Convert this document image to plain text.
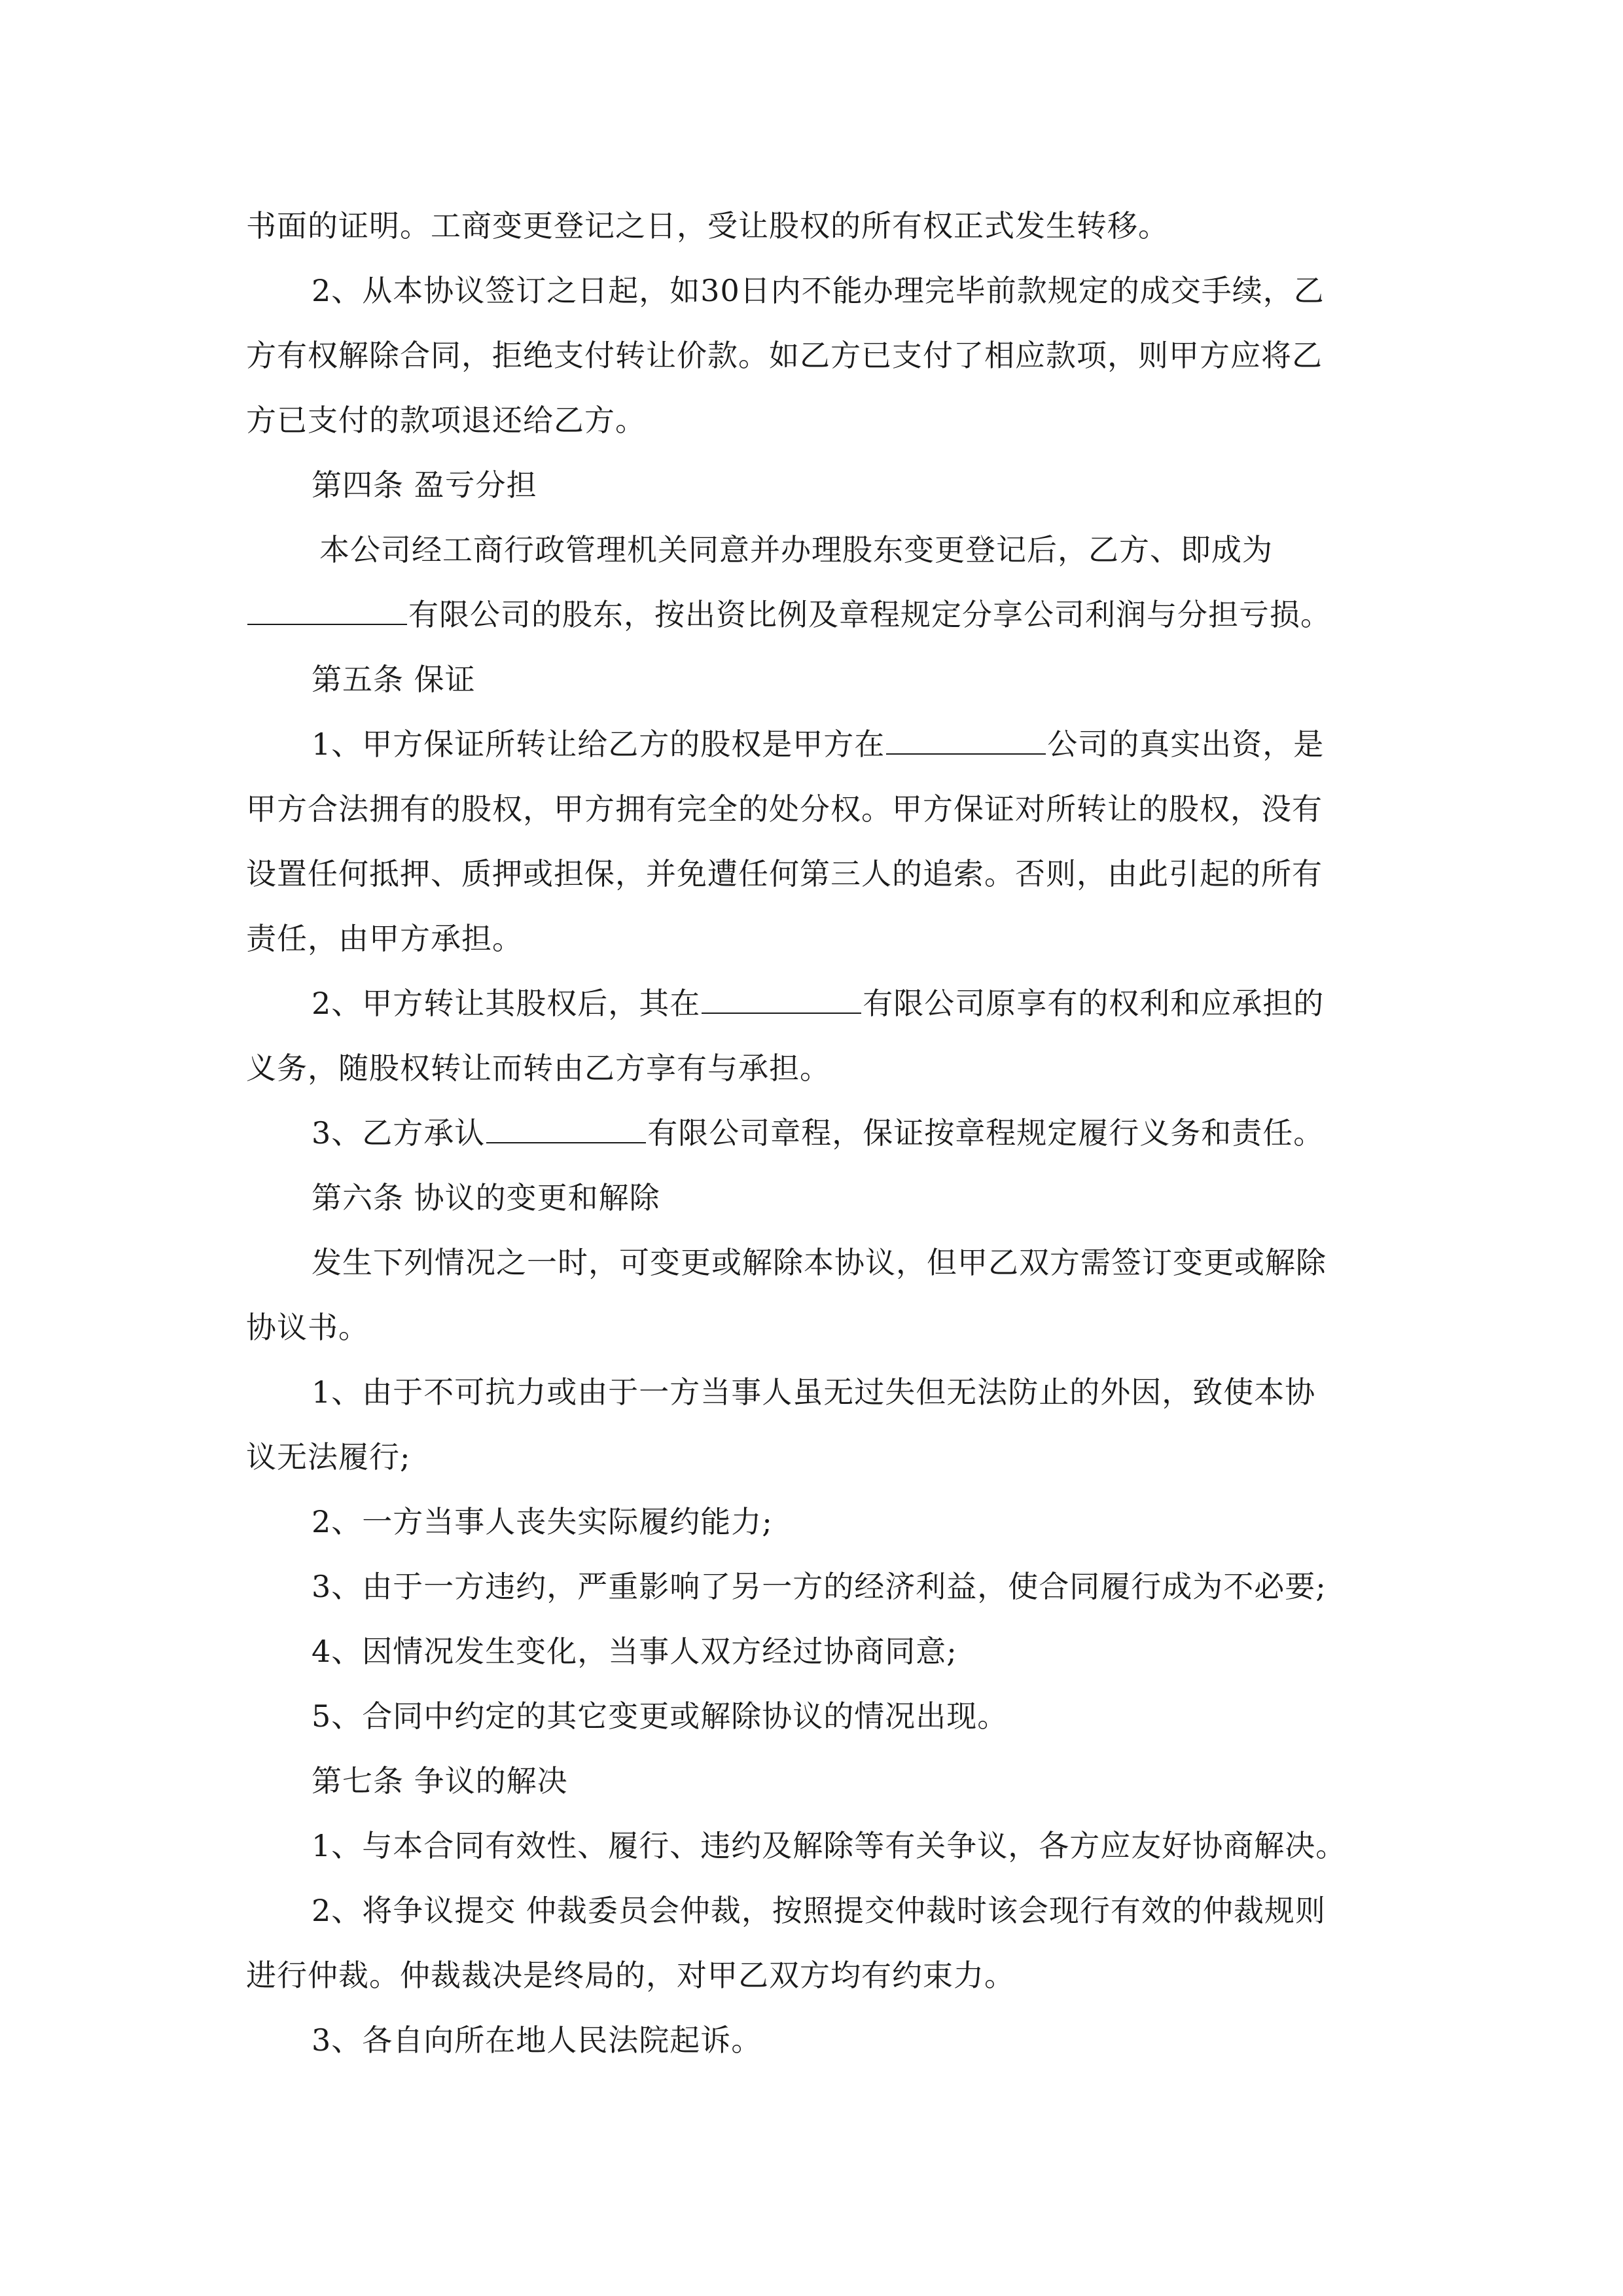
书面的证明。工商变更登记之日，受让股权的所有权正式发生转移。
2、从本协议签订之日起，如30日内不能办理完毕前款规定的成交手续，乙
方有权解除合同，拒绝支付转让价款。如乙方已支付了相应款项，则甲方应将乙
方已支付的款项退还给乙方。
第四条 盈亏分担
本公司经工商行政管理机关同意并办理股东变更登记后，乙方、即成为
有限公司的股东，按出资比例及章程规定分享公司利润与分担亏损。
第五条 保证
1、甲方保证所转让给乙方的股权是甲方在	公司的真实出资，是
甲方合法拥有的股权，甲方拥有完全的处分权。甲方保证对所转让的股权，没有
设置任何抵押、质押或担保，并免遭任何第三人的追索。否则，由此引起的所有
责任，由甲方承担。
2、甲方转让其股权后，其在	有限公司原享有的权利和应承担的
义务，随股权转让而转由乙方享有与承担。
3、乙方承认	有限公司章程，保证按章程规定履行义务和责任。
第六条 协议的变更和解除
发生下列情况之一时，可变更或解除本协议，但甲乙双方需签订变更或解除
协议书。
1、由于不可抗力或由于一方当事人虽无过失但无法防止的外因，致使本协
议无法履行;
2、一方当事人丧失实际履约能力;
3、由于一方违约，严重影响了另一方的经济利益，使合同履行成为不必要;
4、因情况发生变化，当事人双方经过协商同意;
5、合同中约定的其它变更或解除协议的情况出现。
第七条 争议的解决
1、与本合同有效性、履行、违约及解除等有关争议，各方应友好协商解决。
2、将争议提交 仲裁委员会仲裁，按照提交仲裁时该会现行有效的仲裁规则
进行仲裁。仲裁裁决是终局的，对甲乙双方均有约束力。
3、各自向所在地人民法院起诉。
